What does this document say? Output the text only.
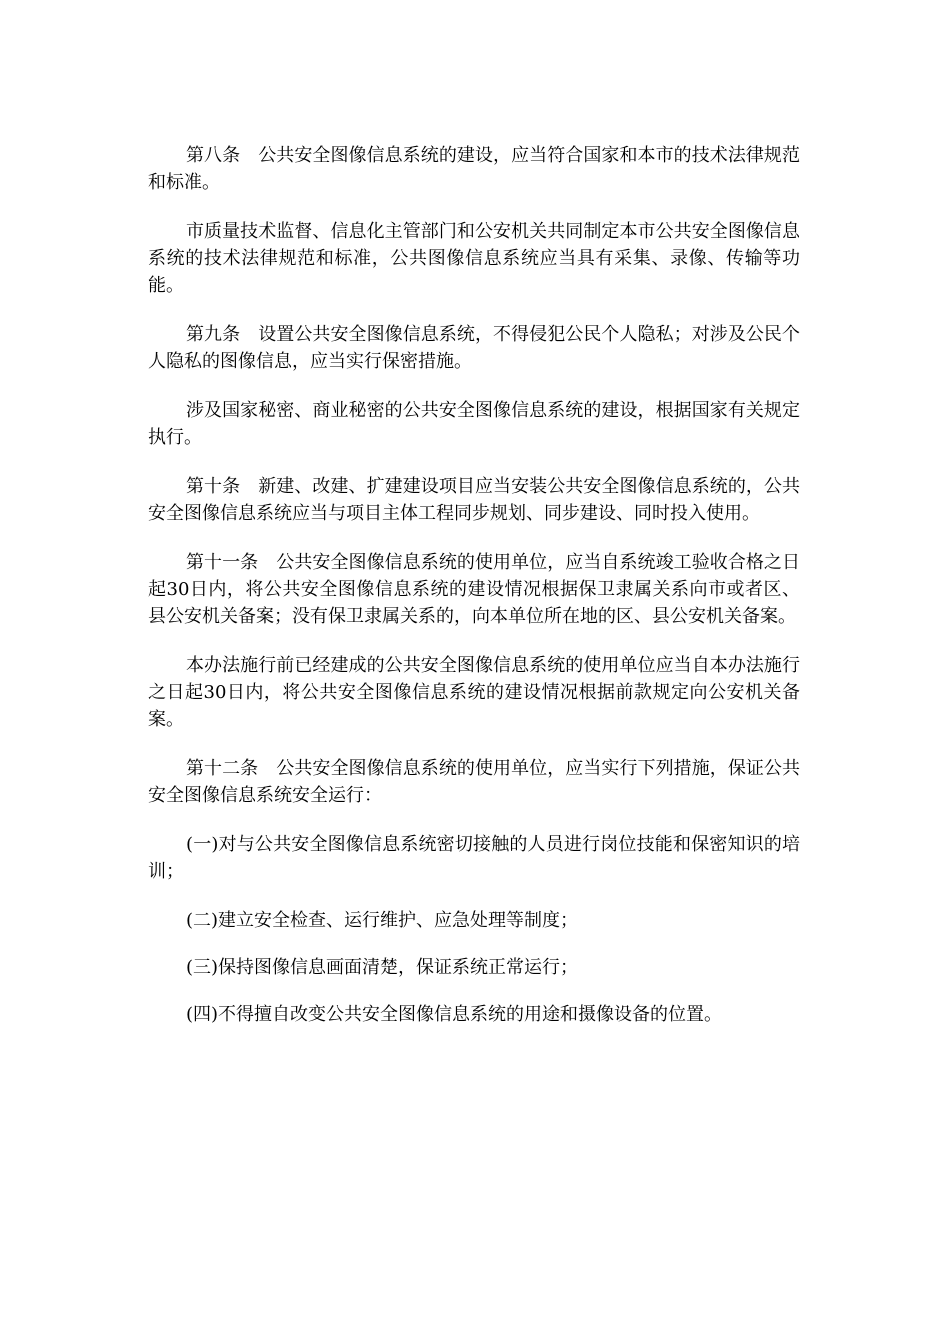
第八条　公共安全图像信息系统的建设，应当符合国家和本市的技术法律规范和标准。

市质量技术监督、信息化主管部门和公安机关共同制定本市公共安全图像信息系统的技术法律规范和标准，公共图像信息系统应当具有采集、录像、传输等功能。

第九条　设置公共安全图像信息系统，不得侵犯公民个人隐私；对涉及公民个人隐私的图像信息，应当实行保密措施。

涉及国家秘密、商业秘密的公共安全图像信息系统的建设，根据国家有关规定执行。

第十条　新建、改建、扩建建设项目应当安装公共安全图像信息系统的，公共安全图像信息系统应当与项目主体工程同步规划、同步建设、同时投入使用。

第十一条　公共安全图像信息系统的使用单位，应当自系统竣工验收合格之日起30日内，将公共安全图像信息系统的建设情况根据保卫隶属关系向市或者区、县公安机关备案；没有保卫隶属关系的，向本单位所在地的区、县公安机关备案。

本办法施行前已经建成的公共安全图像信息系统的使用单位应当自本办法施行之日起30日内，将公共安全图像信息系统的建设情况根据前款规定向公安机关备案。

第十二条　公共安全图像信息系统的使用单位，应当实行下列措施，保证公共安全图像信息系统安全运行：

(一)对与公共安全图像信息系统密切接触的人员进行岗位技能和保密知识的培训；

(二)建立安全检查、运行维护、应急处理等制度；

(三)保持图像信息画面清楚，保证系统正常运行；

(四)不得擅自改变公共安全图像信息系统的用途和摄像设备的位置。
